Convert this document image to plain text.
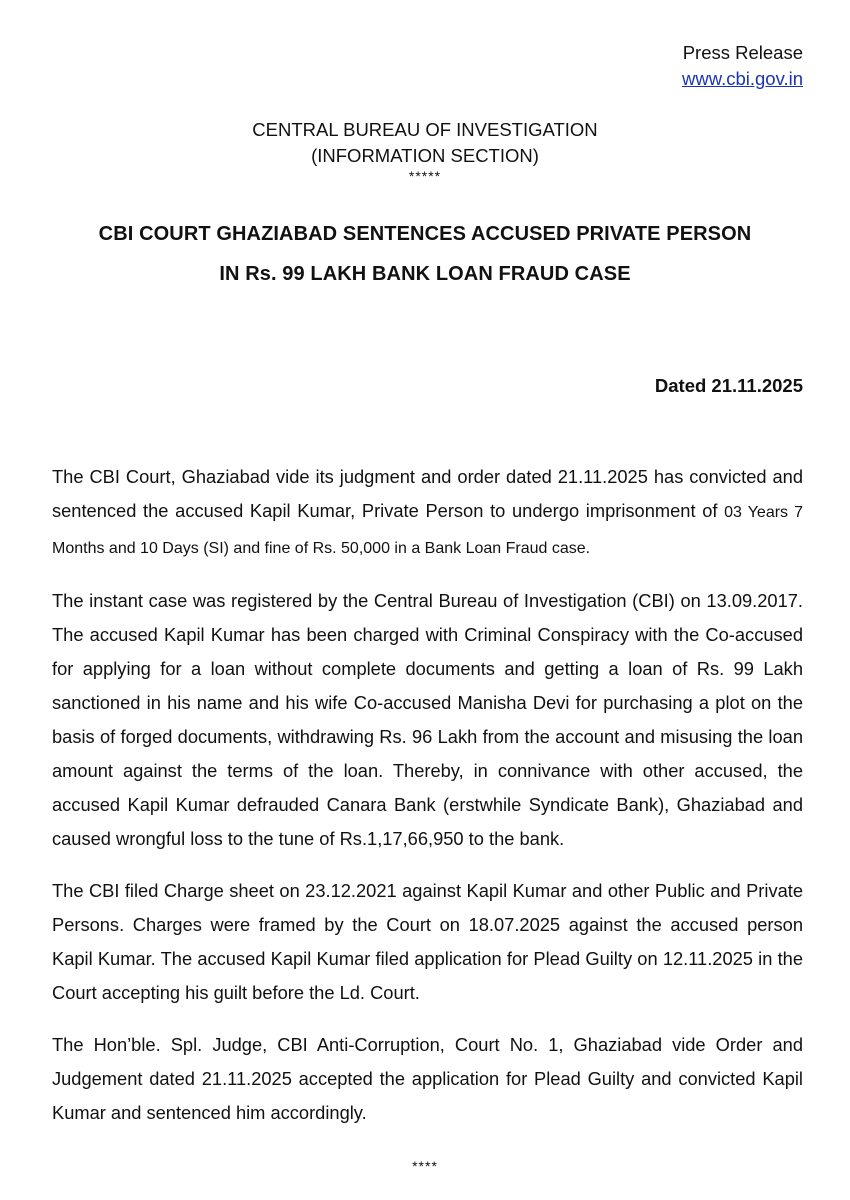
Press Release
www.cbi.gov.in
CENTRAL BUREAU OF INVESTIGATION
(INFORMATION SECTION)
*****
CBI COURT GHAZIABAD SENTENCES ACCUSED PRIVATE PERSON
IN Rs. 99 LAKH BANK LOAN FRAUD CASE
Dated 21.11.2025

The CBI Court, Ghaziabad vide its judgment and order dated 21.11.2025 has convicted and sentenced the accused Kapil Kumar, Private Person to undergo imprisonment of 03 Years 7 Months and 10 Days (SI) and fine of Rs. 50,000 in a Bank Loan Fraud case.

The instant case was registered by the Central Bureau of Investigation (CBI) on 13.09.2017. The accused Kapil Kumar has been charged with Criminal Conspiracy with the Co-accused for applying for a loan without complete documents and getting a loan of Rs. 99 Lakh sanctioned in his name and his wife Co-accused Manisha Devi for purchasing a plot on the basis of forged documents, withdrawing Rs. 96 Lakh from the account and misusing the loan amount against the terms of the loan. Thereby, in connivance with other accused, the accused Kapil Kumar defrauded Canara Bank (erstwhile Syndicate Bank), Ghaziabad and caused wrongful loss to the tune of Rs.1,17,66,950 to the bank.

The CBI filed Charge sheet on 23.12.2021 against Kapil Kumar and other Public and Private Persons. Charges were framed by the Court on 18.07.2025 against the accused person Kapil Kumar. The accused Kapil Kumar filed application for Plead Guilty on 12.11.2025 in the Court accepting his guilt before the Ld. Court.

The Hon’ble. Spl. Judge, CBI Anti-Corruption, Court No. 1, Ghaziabad vide Order and Judgement dated 21.11.2025 accepted the application for Plead Guilty and convicted Kapil Kumar and sentenced him accordingly.

****
